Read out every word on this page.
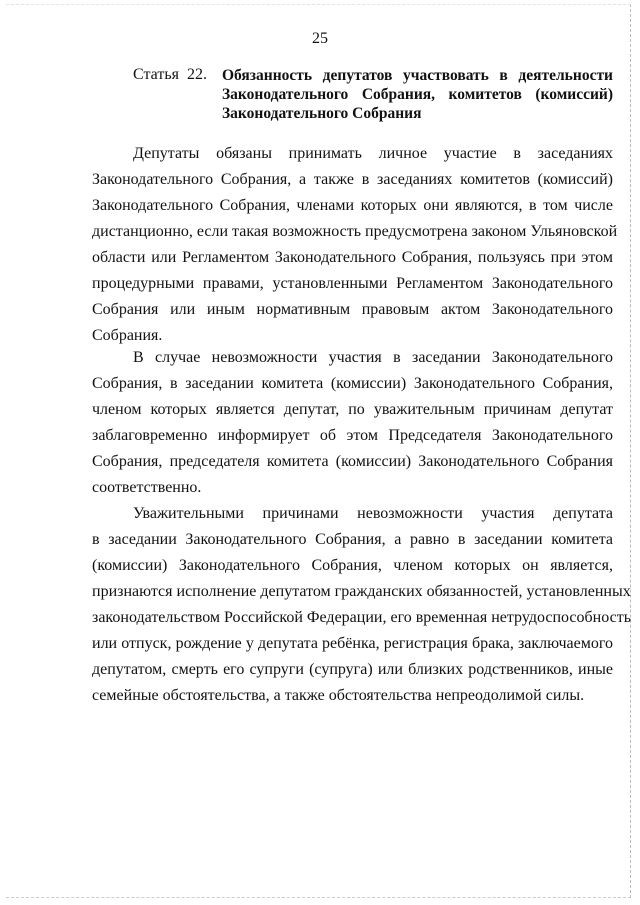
25
Статья 22. Обязанность депутатов участвовать в деятельности
Законодательного Собрания, комитетов (комиссий)
Законодательного Собрания
Депутаты обязаны принимать личное участие в заседаниях
Законодательного Собрания, а также в заседаниях комитетов (комиссий)
Законодательного Собрания, членами которых они являются, в том числе
дистанционно, если такая возможность предусмотрена законом Ульяновской
области или Регламентом Законодательного Собрания, пользуясь при этом
процедурными правами, установленными Регламентом Законодательного
Собрания или иным нормативным правовым актом Законодательного
Собрания.
В случае невозможности участия в заседании Законодательного
Собрания, в заседании комитета (комиссии) Законодательного Собрания,
членом которых является депутат, по уважительным причинам депутат
заблаговременно информирует об этом Председателя Законодательного
Собрания, председателя комитета (комиссии) Законодательного Собрания
соответственно.
Уважительными причинами невозможности участия депутата
в заседании Законодательного Собрания, а равно в заседании комитета
(комиссии) Законодательного Собрания, членом которых он является,
признаются исполнение депутатом гражданских обязанностей, установленных
законодательством Российской Федерации, его временная нетрудоспособность
или отпуск, рождение у депутата ребёнка, регистрация брака, заключаемого
депутатом, смерть его супруги (супруга) или близких родственников, иные
семейные обстоятельства, а также обстоятельства непреодолимой силы.
